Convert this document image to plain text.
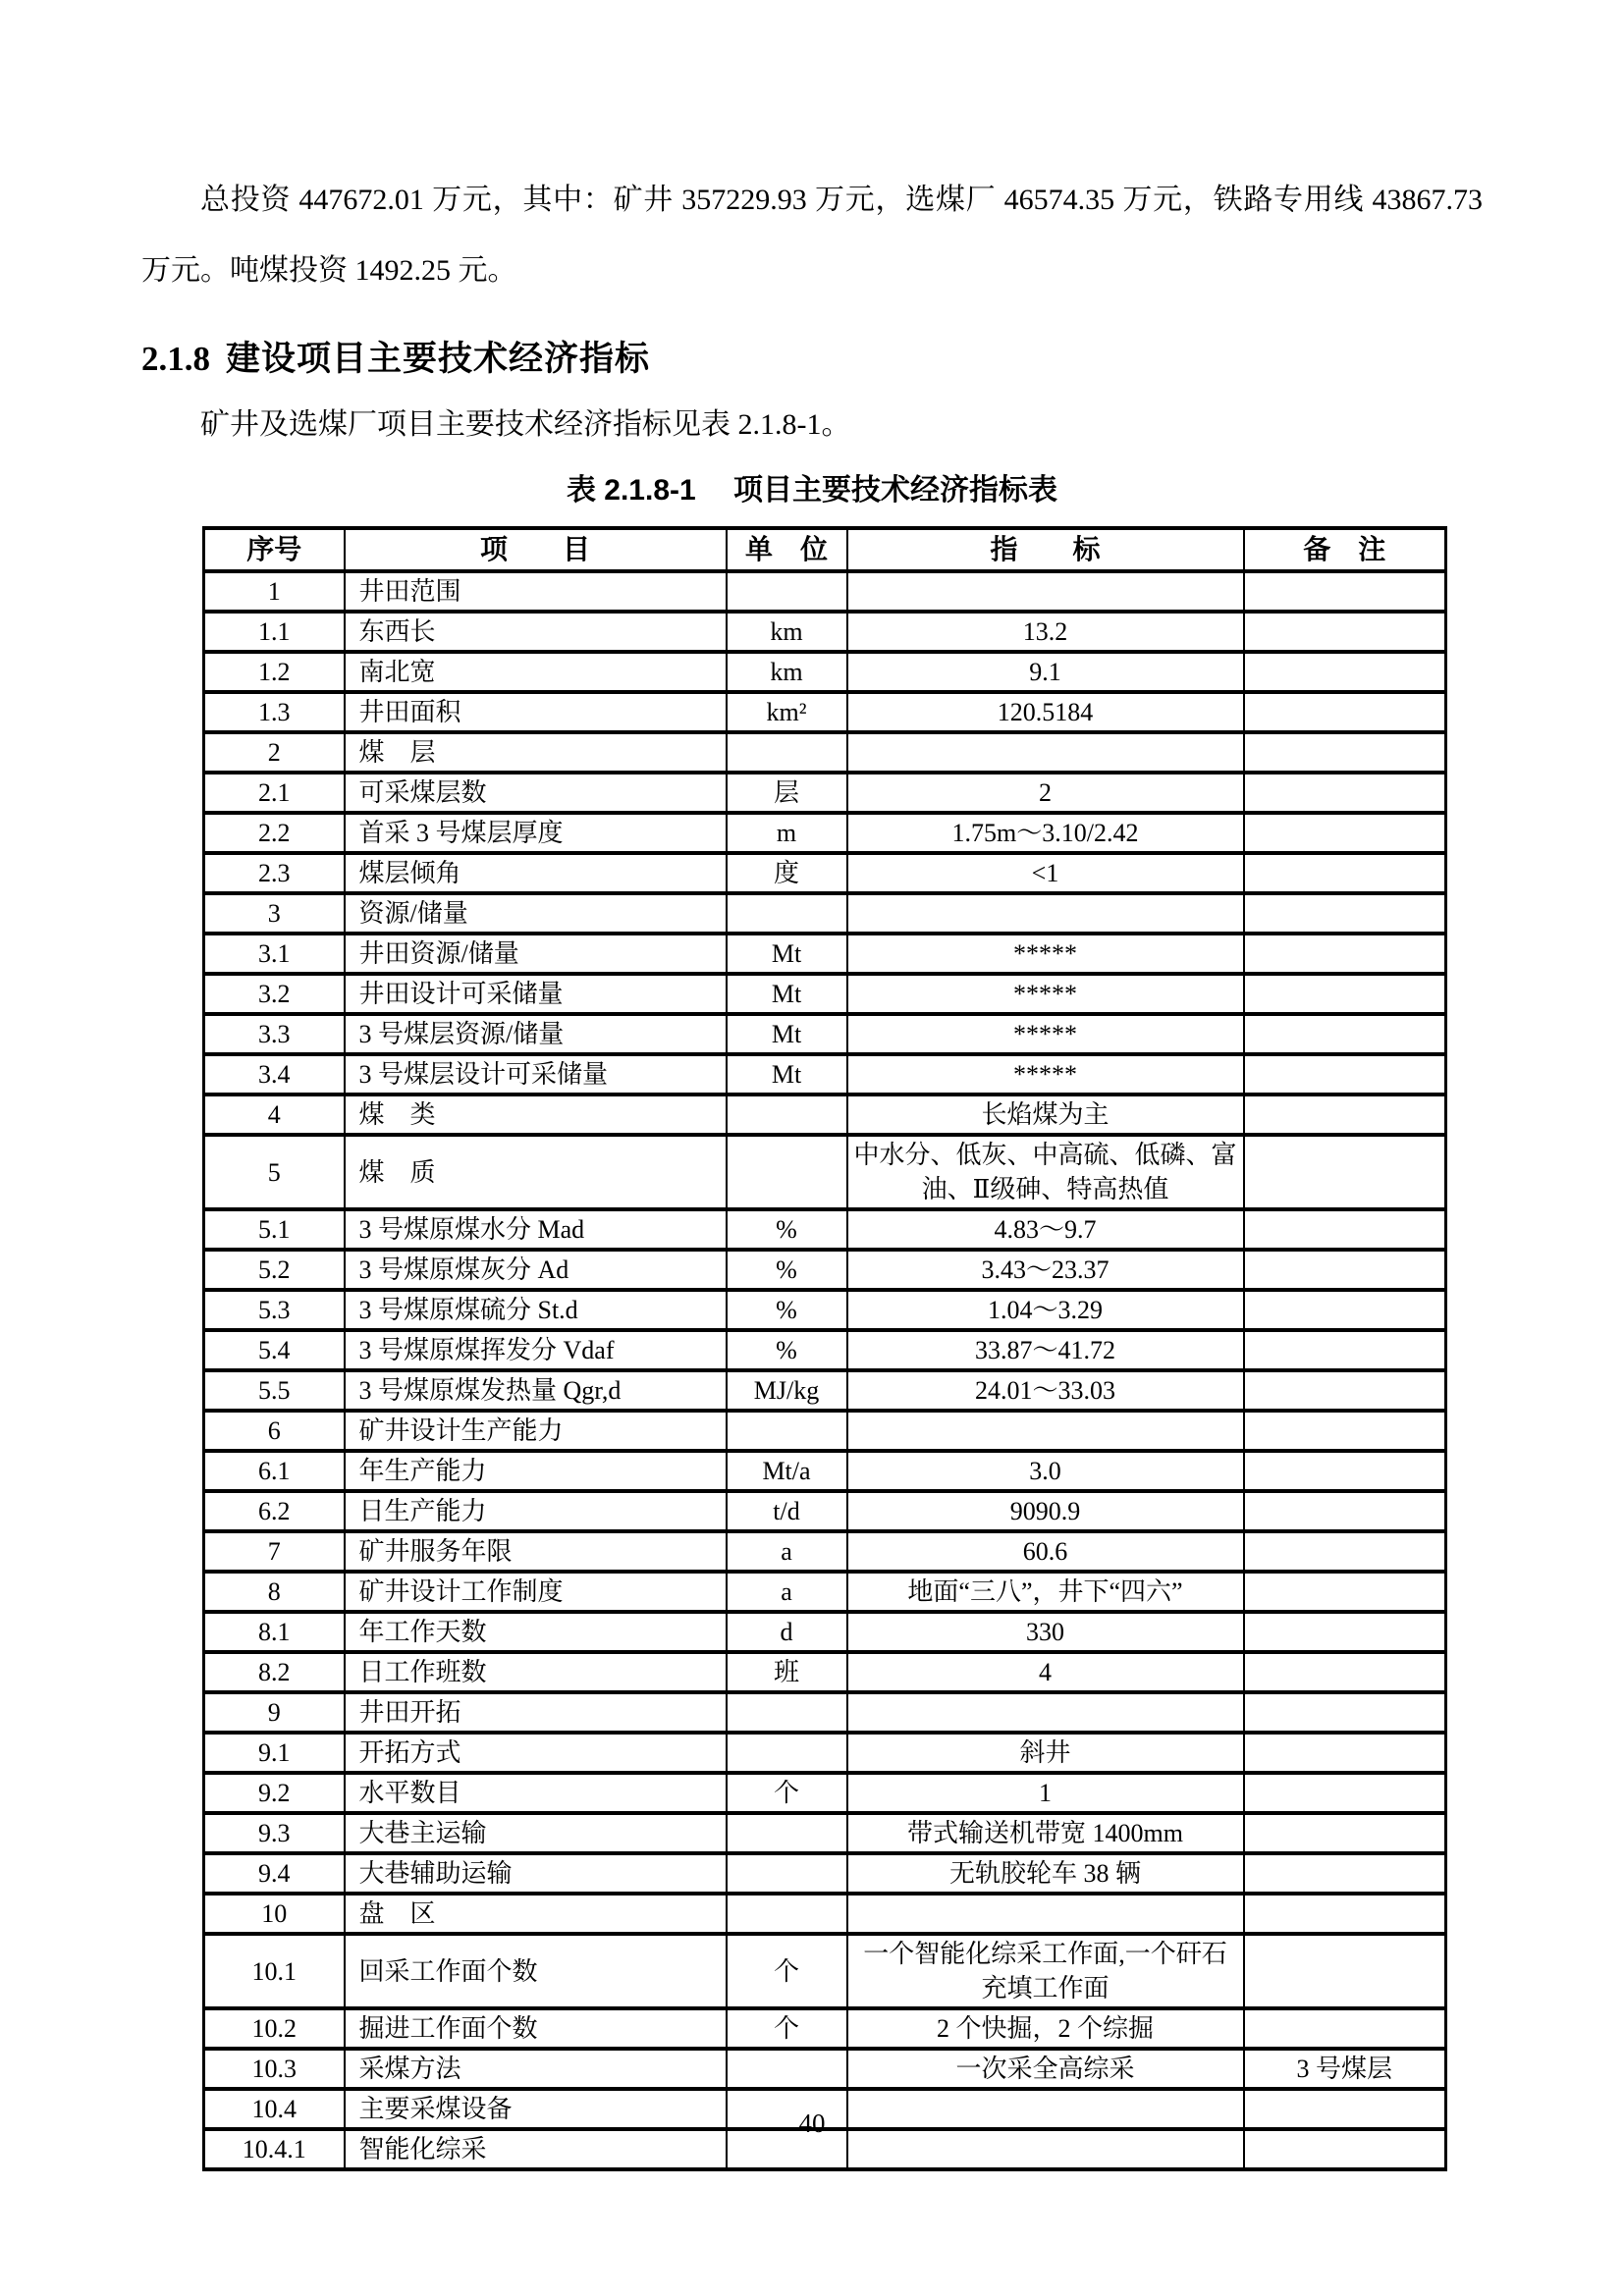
总投资 447672.01 万元，其中：矿井 357229.93 万元，选煤厂 46574.35 万元，铁路专用线 43867.73 万元。吨煤投资 1492.25 元。

2.1.8 建设项目主要技术经济指标

矿井及选煤厂项目主要技术经济指标见表 2.1.8-1。

表 2.1.8-1　 项目主要技术经济指标表
序号	项　　目	单　位	指　　标	备　注
1	井田范围			
1.1	东西长	km	13.2	
1.2	南北宽	km	9.1	
1.3	井田面积	km²	120.5184	
2	煤　层			
2.1	可采煤层数	层	2	
2.2	首采 3 号煤层厚度	m	1.75m～3.10/2.42	
2.3	煤层倾角	度	<1	
3	资源/储量			
3.1	井田资源/储量	Mt	*****	
3.2	井田设计可采储量	Mt	*****	
3.3	3 号煤层资源/储量	Mt	*****	
3.4	3 号煤层设计可采储量	Mt	*****	
4	煤　类		长焰煤为主	
5	煤　质		中水分、低灰、中高硫、低磷、富油、Ⅱ级砷、特高热值	
5.1	3 号煤原煤水分 Mad	%	4.83～9.7	
5.2	3 号煤原煤灰分 Ad	%	3.43～23.37	
5.3	3 号煤原煤硫分 St.d	%	1.04～3.29	
5.4	3 号煤原煤挥发分 Vdaf	%	33.87～41.72	
5.5	3 号煤原煤发热量 Qgr,d	MJ/kg	24.01～33.03	
6	矿井设计生产能力			
6.1	年生产能力	Mt/a	3.0	
6.2	日生产能力	t/d	9090.9	
7	矿井服务年限	a	60.6	
8	矿井设计工作制度	a	地面“三八”，井下“四六”	
8.1	年工作天数	d	330	
8.2	日工作班数	班	4	
9	井田开拓			
9.1	开拓方式		斜井	
9.2	水平数目	个	1	
9.3	大巷主运输		带式输送机带宽 1400mm	
9.4	大巷辅助运输		无轨胶轮车 38 辆	
10	盘　区			
10.1	回采工作面个数	个	一个智能化综采工作面,一个矸石充填工作面	
10.2	掘进工作面个数	个	2 个快掘，2 个综掘	
10.3	采煤方法		一次采全高综采	3 号煤层
10.4	主要采煤设备			
10.4.1	智能化综采			
40
